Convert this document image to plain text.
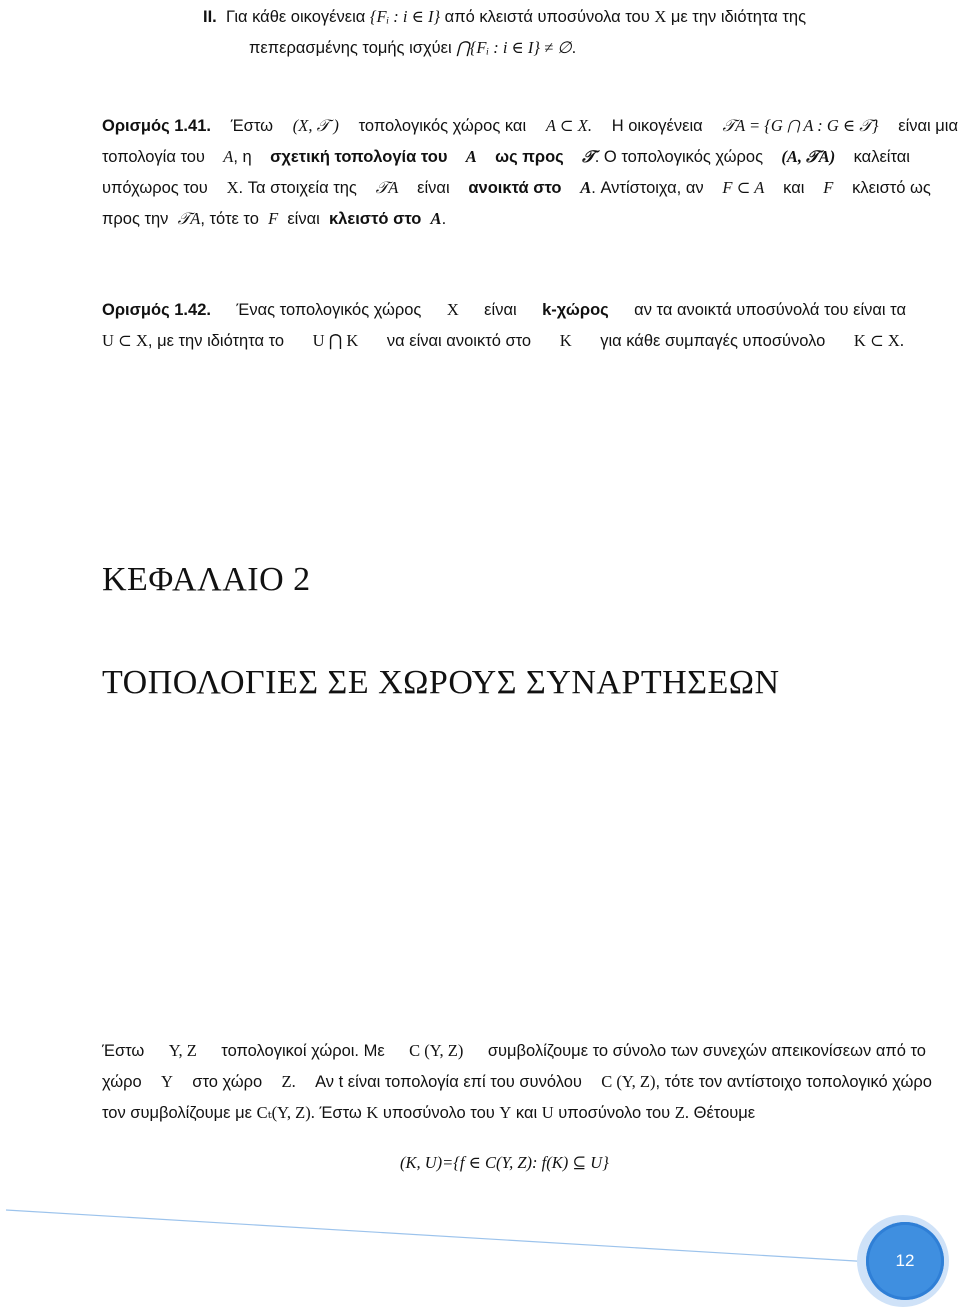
II. Για κάθε οικογένεια {Fᵢ : i ∈ I} από κλειστά υποσύνολα του X με την ιδιότητα της
πεπερασμένης τομής ισχύει ⋂{Fᵢ : i ∈ I} ≠ ∅.
Ορισμός 1.41. Έστω (X, 𝒯 ) τοπολογικός χώρος και A ⊂ X. Η οικογένεια 𝒯A = {G ⋂ A : G ∈ 𝒯} είναι μια
τοπολογία του A, η σχετική τοπολογία του A ως προς 𝒯. Ο τοπολογικός χώρος (A, 𝒯A) καλείται
υπόχωρος του X. Τα στοιχεία της 𝒯A είναι ανοικτά στο A. Αντίστοιχα, αν F ⊂ A και F κλειστό ως
προς την 𝒯A, τότε το F είναι κλειστό στο A.
Ορισμός 1.42. Ένας τοπολογικός χώρος X είναι k-χώρος αν τα ανοικτά υποσύνολά του είναι τα
U ⊂ X, με την ιδιότητα το U ⋂ K να είναι ανοικτό στο K για κάθε συμπαγές υποσύνολο K ⊂ X.
ΚΕΦΑΛΑΙΟ 2
ΤΟΠΟΛΟΓΙΕΣ ΣΕ ΧΩΡΟΥΣ ΣΥΝΑΡΤΗΣΕΩΝ
Έστω Y, Z τοπολογικοί χώροι. Με C (Y, Z) συμβολίζουμε το σύνολο των συνεχών απεικονίσεων από το
χώρο Y στο χώρο Z. Αν t είναι τοπολογία επί του συνόλου C (Y, Z), τότε τον αντίστοιχο τοπολογικό χώρο
τον συμβολίζουμε με Cₜ(Y, Z). Έστω K υποσύνολο του Y και U υποσύνολο του Z. Θέτουμε
(K, U)={f ∈ C(Y, Z): f(K) ⊆ U}
12
